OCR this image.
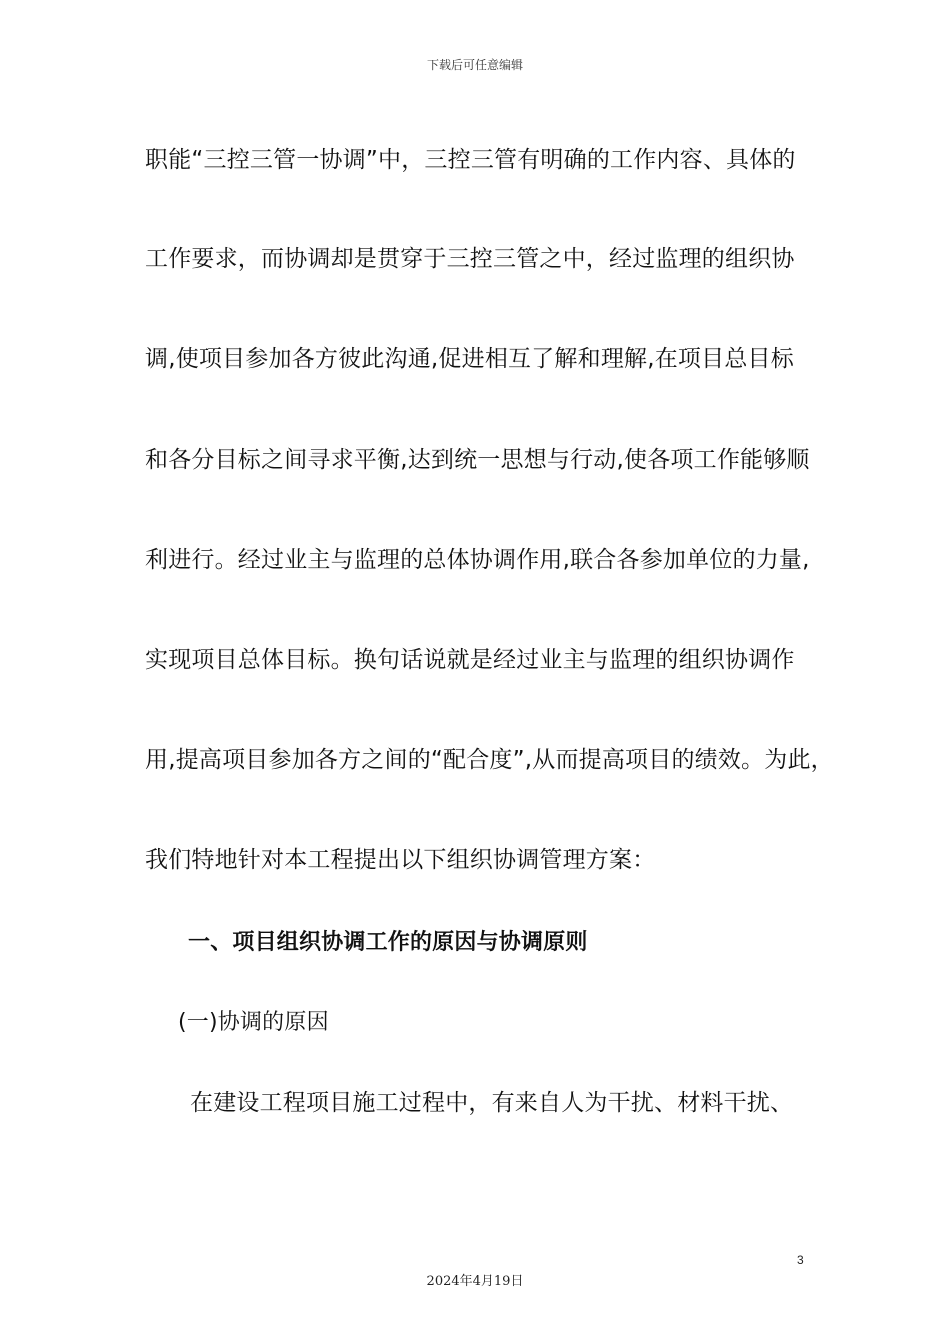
下载后可任意编辑
职能“三控三管一协调”中，三控三管有明确的工作内容、具体的
工作要求，而协调却是贯穿于三控三管之中，经过监理的组织协
调,使项目参加各方彼此沟通,促进相互了解和理解,在项目总目标
和各分目标之间寻求平衡,达到统一思想与行动,使各项工作能够顺
利进行。经过业主与监理的总体协调作用,联合各参加单位的力量,
实现项目总体目标。换句话说就是经过业主与监理的组织协调作
用,提高项目参加各方之间的“配合度”,从而提高项目的绩效。为此，
我们特地针对本工程提出以下组织协调管理方案：
一、项目组织协调工作的原因与协调原则
(一)协调的原因
在建设工程项目施工过程中，有来自人为干扰、材料干扰、
3
2024年4月19日
